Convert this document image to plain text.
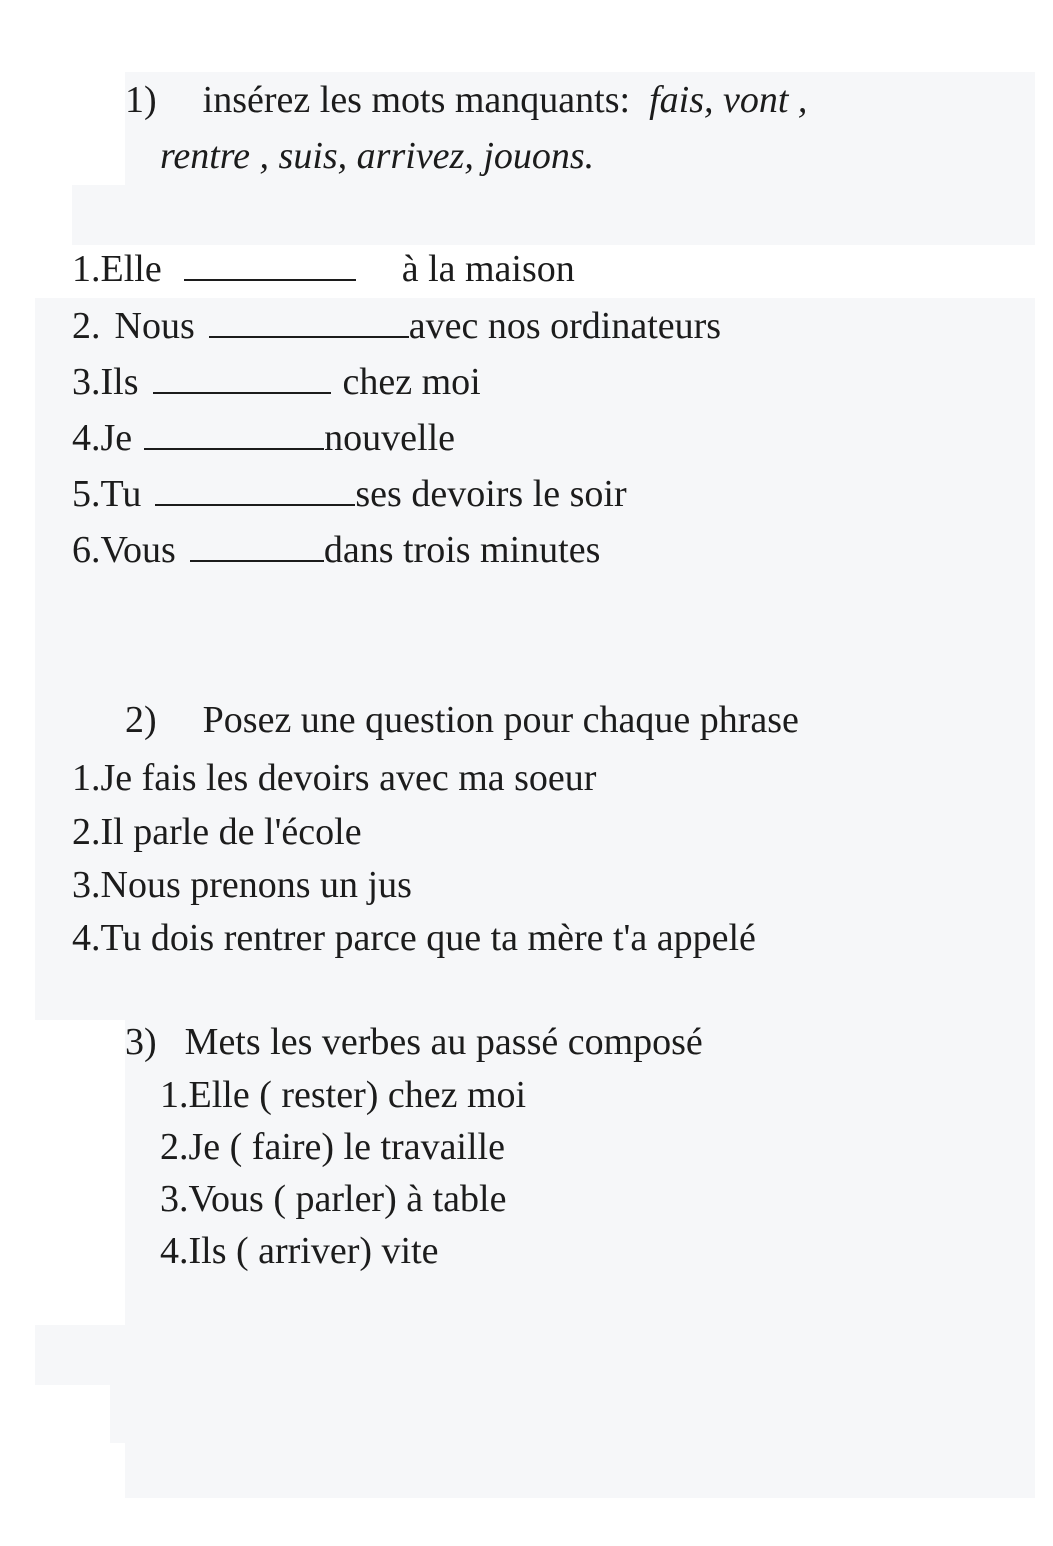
1) insérez les mots manquants: fais, vont ,
rentre , suis, arrivez, jouons.
1.Elle	à la maison
2. Nous	avec nos ordinateurs
3.Ils	chez moi
4.Je	nouvelle
5.Tu	ses devoirs le soir
6.Vous	dans trois minutes
2) Posez une question pour chaque phrase
1.Je fais les devoirs avec ma soeur
2.Il parle de l'école
3.Nous prenons un jus
4.Tu dois rentrer parce que ta mère t'a appelé
3) Mets les verbes au passé composé
1.Elle ( rester) chez moi
2.Je ( faire) le travaille
3.Vous ( parler) à table
4.Ils ( arriver) vite
